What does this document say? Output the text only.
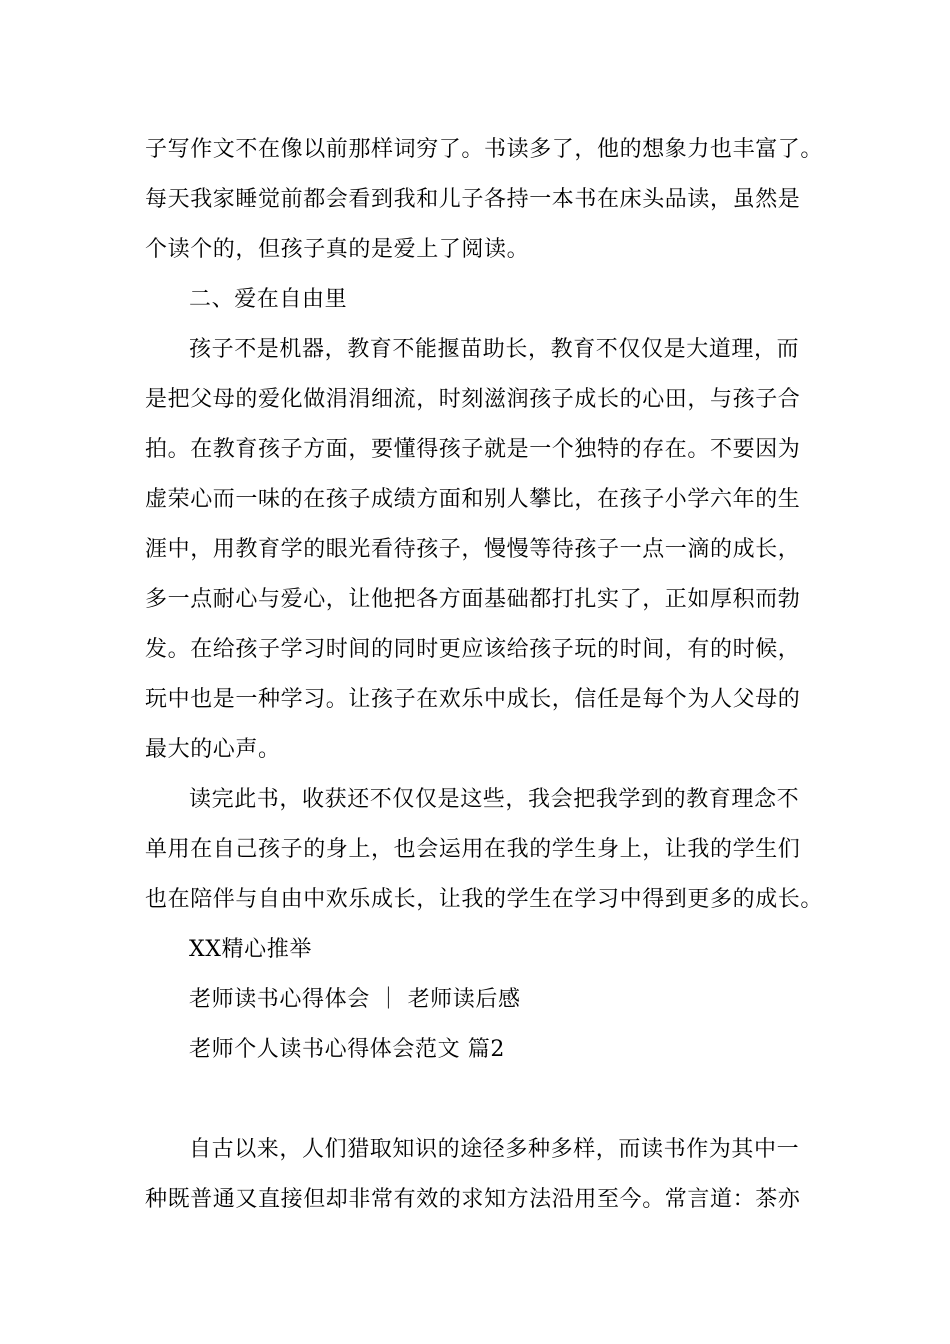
子写作文不在像以前那样词穷了。书读多了，他的想象力也丰富了。
每天我家睡觉前都会看到我和儿子各持一本书在床头品读，虽然是
个读个的，但孩子真的是爱上了阅读。
二、爱在自由里
孩子不是机器，教育不能揠苗助长，教育不仅仅是大道理，而
是把父母的爱化做涓涓细流，时刻滋润孩子成长的心田，与孩子合
拍。在教育孩子方面，要懂得孩子就是一个独特的存在。不要因为
虚荣心而一味的在孩子成绩方面和别人攀比，在孩子小学六年的生
涯中，用教育学的眼光看待孩子，慢慢等待孩子一点一滴的成长，
多一点耐心与爱心，让他把各方面基础都打扎实了，正如厚积而勃
发。在给孩子学习时间的同时更应该给孩子玩的时间，有的时候，
玩中也是一种学习。让孩子在欢乐中成长，信任是每个为人父母的
最大的心声。
读完此书，收获还不仅仅是这些，我会把我学到的教育理念不
单用在自己孩子的身上，也会运用在我的学生身上，让我的学生们
也在陪伴与自由中欢乐成长，让我的学生在学习中得到更多的成长。
XX精心推举
老师读书心得体会 ｜ 老师读后感
老师个人读书心得体会范文 篇2
自古以来，人们猎取知识的途径多种多样，而读书作为其中一
种既普通又直接但却非常有效的求知方法沿用至今。常言道：茶亦
